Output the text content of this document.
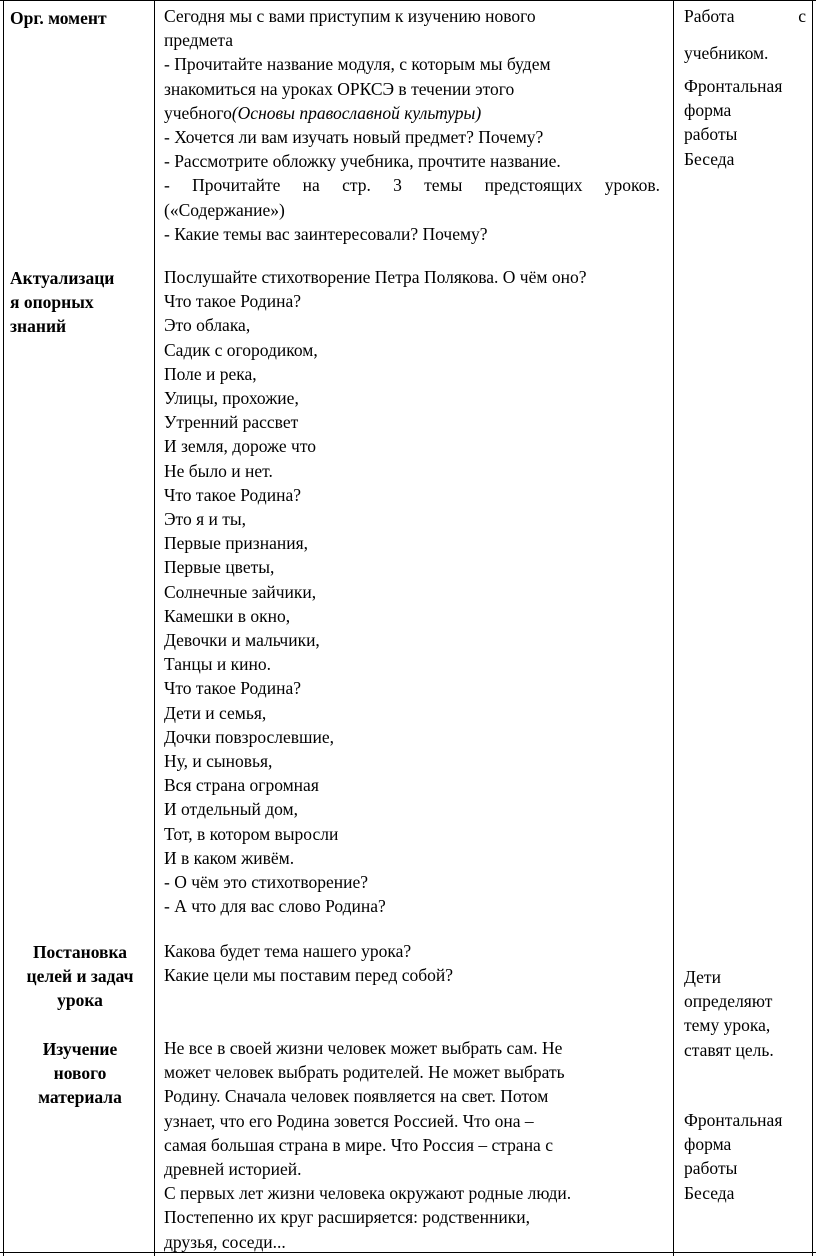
Орг. момент
Актуализаци
я опорных
знаний
Постановка
целей и задач
урока
Изучение
нового
материала
Сегодня мы с вами приступим к изучению нового
предмета
- Прочитайте название модуля, с которым мы будем
знакомиться на уроках ОРКСЭ в течении этого
учебного(Основы православной культуры)
- Хочется ли вам изучать новый предмет? Почему?
- Рассмотрите обложку учебника, прочтите название.
- Прочитайте на стр. 3 темы предстоящих уроков.
(«Содержание»)
- Какие темы вас заинтересовали? Почему?
Послушайте стихотворение Петра Полякова. О чём оно?
Что такое Родина?
Это облака,
Садик с огородиком,
Поле и река,
Улицы, прохожие,
Утренний рассвет
И земля, дороже что
Не было и нет.
Что такое Родина?
Это я и ты,
Первые признания,
Первые цветы,
Солнечные зайчики,
Камешки в окно,
Девочки и мальчики,
Танцы и кино.
Что такое Родина?
Дети и семья,
Дочки повзрослевшие,
Ну, и сыновья,
Вся страна огромная
И отдельный дом,
Тот, в котором выросли
И в каком живём.
- О чём это стихотворение?
- А что для вас слово Родина?
Какова будет тема нашего урока?
Какие цели мы поставим перед собой?
Не все в своей жизни человек может выбрать сам. Не
может человек выбрать родителей. Не может выбрать
Родину. Сначала человек появляется на свет. Потом
узнает, что его Родина зовется Россией. Что она –
самая большая страна в мире. Что Россия – страна с
древней историей.
С первых лет жизни человека окружают родные люди.
Постепенно их круг расширяется: родственники,
друзья, соседи...
Работа	с
учебником.
Фронтальная
форма
работы
Беседа
Дети
определяют
тему урока,
ставят цель.
Фронтальная
форма
работы
Беседа
